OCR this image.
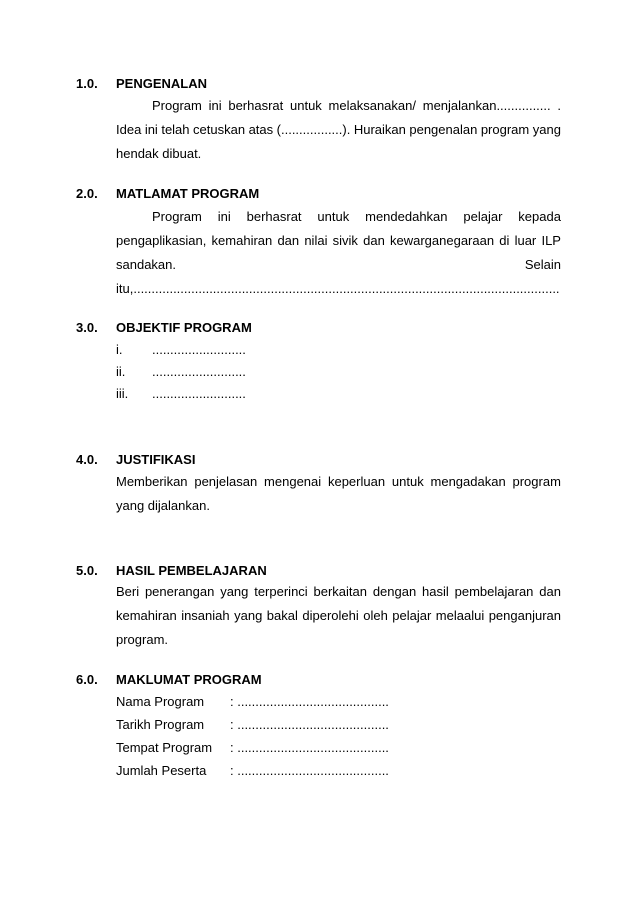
1.0. PENGENALAN
Program ini berhasrat untuk melaksanakan/ menjalankan............... .
Idea ini telah cetuskan atas (.................). Huraikan pengenalan program yang
hendak dibuat.
2.0. MATLAMAT PROGRAM
Program ini berhasrat untuk mendedahkan pelajar kepada
pengaplikasian, kemahiran dan nilai sivik dan kewarganegaraan di luar ILP
sandakan.	Selain
itu,......................................................................................................................
3.0. OBJEKTIF PROGRAM
i. ..........................
ii. ..........................
iii. ..........................
4.0. JUSTIFIKASI
Memberikan penjelasan mengenai keperluan untuk mengadakan program
yang dijalankan.
5.0. HASIL PEMBELAJARAN
Beri penerangan yang terperinci berkaitan dengan hasil pembelajaran dan
kemahiran insaniah yang bakal diperolehi oleh pelajar melaalui penganjuran
program.
6.0. MAKLUMAT PROGRAM
Nama Program : ..........................................
Tarikh Program : ..........................................
Tempat Program : ..........................................
Jumlah Peserta : ..........................................
